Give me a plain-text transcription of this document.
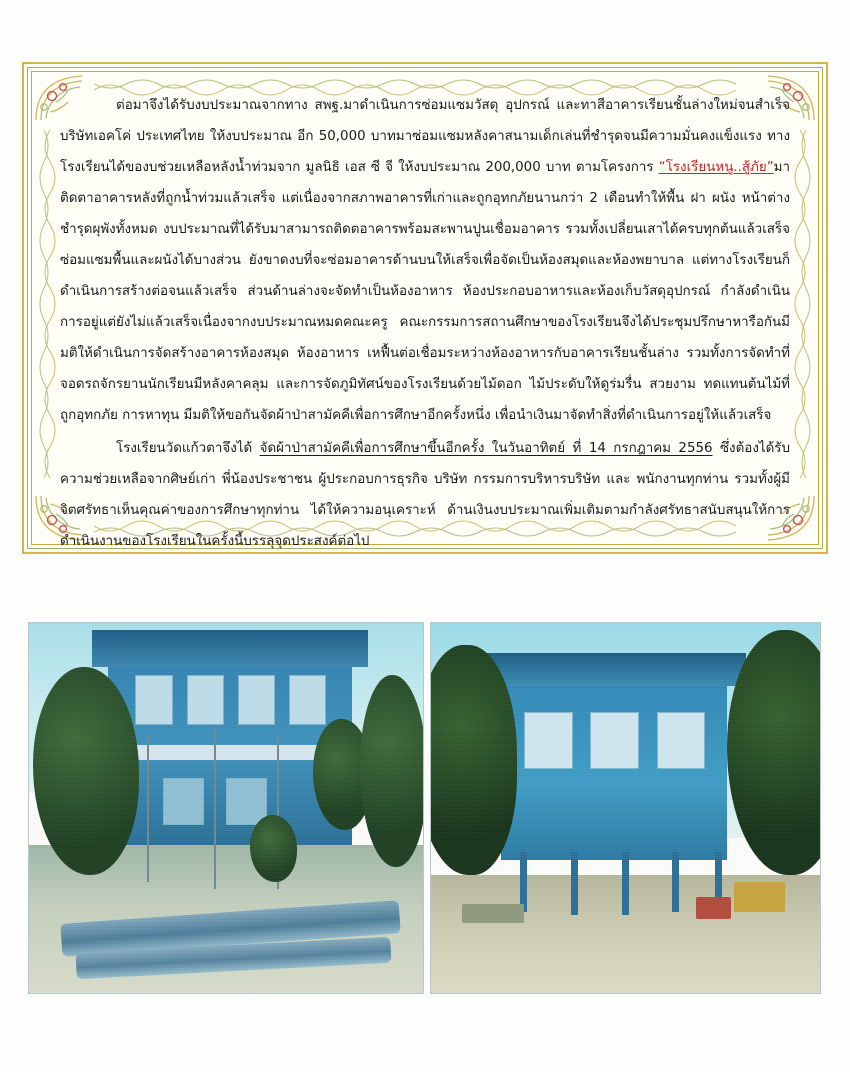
ต่อมาจึงได้รับงบประมาณจากทาง สพฐ.มาดำเนินการซ่อมแซมวัสดุ อุปกรณ์ และทาสีอาคารเรียนชั้นล่างใหม่จนสำเร็จ บริษัทเอคโค่ ประเทศไทย ให้งบประมาณ อีก 50,000 บาทมาซ่อมแซมหลังคาสนามเด็กเล่นที่ชำรุดจนมีความมั่นคงแข็งแรง ทางโรงเรียนได้ของบช่วยเหลือหลังน้ำท่วมจาก มูลนิธิ เอส ซี จี ให้งบประมาณ 200,000 บาท ตามโครงการ “โรงเรียนหนู..สู้ภัย”มาติดตาอาคารหลังที่ถูกน้ำท่วมแล้วเสร็จ แต่เนื่องจากสภาพอาคารที่เก่าและถูกอุทกภัยนานกว่า 2 เดือนทำให้พื้น ฝา ผนัง หน้าต่างชำรุดผุพังทั้งหมด งบประมาณที่ได้รับมาสามารถติดตอาคารพร้อมสะพานปูนเชื่อมอาคาร รวมทั้งเปลี่ยนเสาได้ครบทุกต้นแล้วเสร็จ ซ่อมแซมพื้นและผนังได้บางส่วน ยังขาดงบที่จะซ่อมอาคารด้านบนให้เสร็จเพื่อจัดเป็นห้องสมุดและห้องพยาบาล แต่ทางโรงเรียนก็ดำเนินการสร้างต่อจนแล้วเสร็จ ส่วนด้านล่างจะจัดทำเป็นห้องอาหาร ห้องประกอบอาหารและห้องเก็บวัสดุอุปกรณ์ กำลังดำเนินการอยู่แต่ยังไม่แล้วเสร็จเนื่องจากงบประมาณหมดคณะครู คณะกรรมการสถานศึกษาของโรงเรียนจึงได้ประชุมปรึกษาหารือกันมีมติให้ดำเนินการจัดสร้างอาคารห้องสมุด ห้องอาหาร เหฟื้นต่อเชื่อมระหว่างห้องอาหารกับอาคารเรียนชั้นล่าง รวมทั้งการจัดทำที่จอดรถจักรยานนักเรียนมีหลังคาคลุม และการจัดภูมิทัศน์ของโรงเรียนด้วยไม้ดอก ไม้ประดับให้ดูร่มรื่น สวยงาม ทดแทนต้นไม้ที่ถูกอุทกภัย การหาทุน มีมติให้ขอกันจัดผ้าป่าสามัคคีเพื่อการศึกษาอีกครั้งหนึ่ง เพื่อนำเงินมาจัดทำสิ่งที่ดำเนินการอยู่ให้แล้วเสร็จ

โรงเรียนวัดแก้วตาจึงได้ จัดผ้าป่าสามัคคีเพื่อการศึกษาขึ้นอีกครั้ง ในวันอาทิตย์ ที่ 14 กรกฎาคม 2556 ซึ่งต้องได้รับความช่วยเหลือจากศิษย์เก่า พี่น้องประชาชน ผู้ประกอบการธุรกิจ บริษัท กรรมการบริหารบริษัท และ พนักงานทุกท่าน รวมทั้งผู้มีจิตศรัทธาเห็นคุณค่าของการศึกษาทุกท่าน ได้ให้ความอนุเคราะห์ ด้านเงินงบประมาณเพิ่มเติมตามกำลังศรัทธาสนับสนุนให้การดำเนินงานของโรงเรียนในครั้งนี้บรรลุจุดประสงค์ต่อไป
